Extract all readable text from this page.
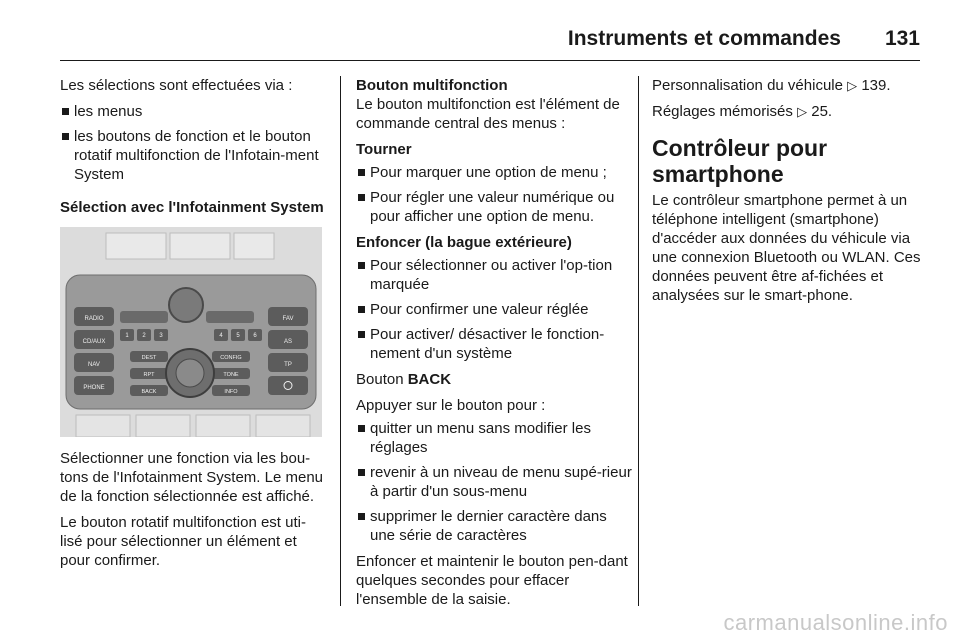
Instruments et commandes 131

Les sélections sont effectuées via :

les menus
les boutons de fonction et le bouton rotatif multifonction de l'Infotain-ment System

Sélection avec l'Infotainment System

RADIO
CD/AUX
NAV
PHONE
1 2 3	4 5 6
DEST	CONFIG
RPT	TONE
BACK	INFO
FAV
AS
TP

Sélectionner une fonction via les bou-tons de l'Infotainment System. Le menu de la fonction sélectionnée est affiché.

Le bouton rotatif multifonction est uti-lisé pour sélectionner un élément et pour confirmer.

Bouton multifonction

Le bouton multifonction est l'élément de commande central des menus :

Tourner

Pour marquer une option de menu ;
Pour régler une valeur numérique ou pour afficher une option de menu.

Enfoncer (la bague extérieure)

Pour sélectionner ou activer l'op-tion marquée
Pour confirmer une valeur réglée
Pour activer/ désactiver le fonction-nement d'un système

Bouton BACK

Appuyer sur le bouton pour :

quitter un menu sans modifier les réglages
revenir à un niveau de menu supé-rieur à partir d'un sous-menu
supprimer le dernier caractère dans une série de caractères

Enfoncer et maintenir le bouton pen-dant quelques secondes pour effacer l'ensemble de la saisie.

Personnalisation du véhicule ▷ 139.

Réglages mémorisés ▷ 25.

Contrôleur pour smartphone

Le contrôleur smartphone permet à un téléphone intelligent (smartphone) d'accéder aux données du véhicule via une connexion Bluetooth ou WLAN. Ces données peuvent être af-fichées et analysées sur le smart-phone.

carmanualsonline.info
